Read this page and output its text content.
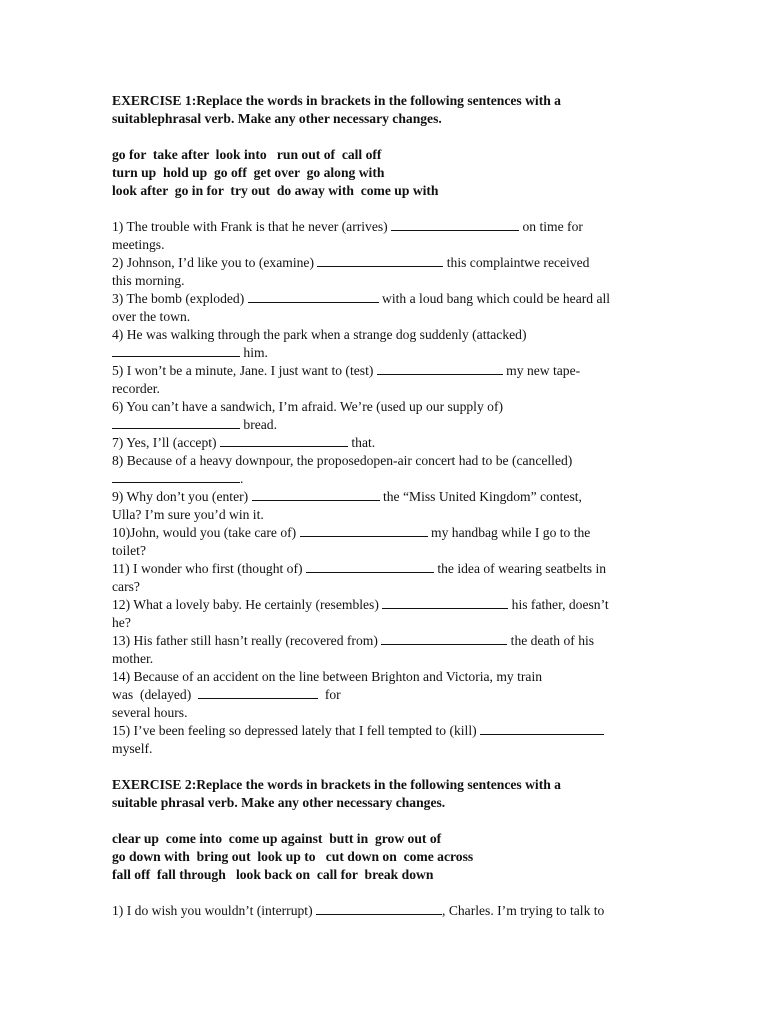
EXERCISE 1:Replace the words in brackets in the following sentences with a

suitablephrasal verb. Make any other necessary changes.

go for  take after  look into   run out of  call off

turn up  hold up  go off  get over  go along with

look after  go in for  try out  do away with  come up with

1) The trouble with Frank is that he never (arrives)	on time for

meetings.

2) Johnson, I’d like you to (examine)	this complaintwe received

this morning.

3) The bomb (exploded)	with a loud bang which could be heard all

over the town.

4) He was walking through the park when a strange dog suddenly (attacked)

him.

5) I won’t be a minute, Jane. I just want to (test)	my new tape-

recorder.

6) You can’t have a sandwich, I’m afraid. We’re (used up our supply of)

bread.

7) Yes, I’ll (accept)	that.

8) Because of a heavy downpour, the proposedopen-air concert had to be (cancelled)

.

9) Why don’t you (enter)	the “Miss United Kingdom” contest,

Ulla? I’m sure you’d win it.

10)John, would you (take care of)	my handbag while I go to the

toilet?

11) I wonder who first (thought of)	the idea of wearing seatbelts in

cars?

12) What a lovely baby. He certainly (resembles)	his father, doesn’t

he?

13) His father still hasn’t really (recovered from)	the death of his

mother.

14) Because of an accident on the line between Brighton and Victoria, my train

was  (delayed)	for

several hours.

15) I’ve been feeling so depressed lately that I fell tempted to (kill)

myself.

EXERCISE 2:Replace the words in brackets in the following sentences with a

suitable phrasal verb. Make any other necessary changes.

clear up  come into  come up against  butt in  grow out of

go down with  bring out  look up to   cut down on  come across

fall off  fall through   look back on  call for  break down

1) I do wish you wouldn’t (interrupt)	, Charles. I’m trying to talk to
